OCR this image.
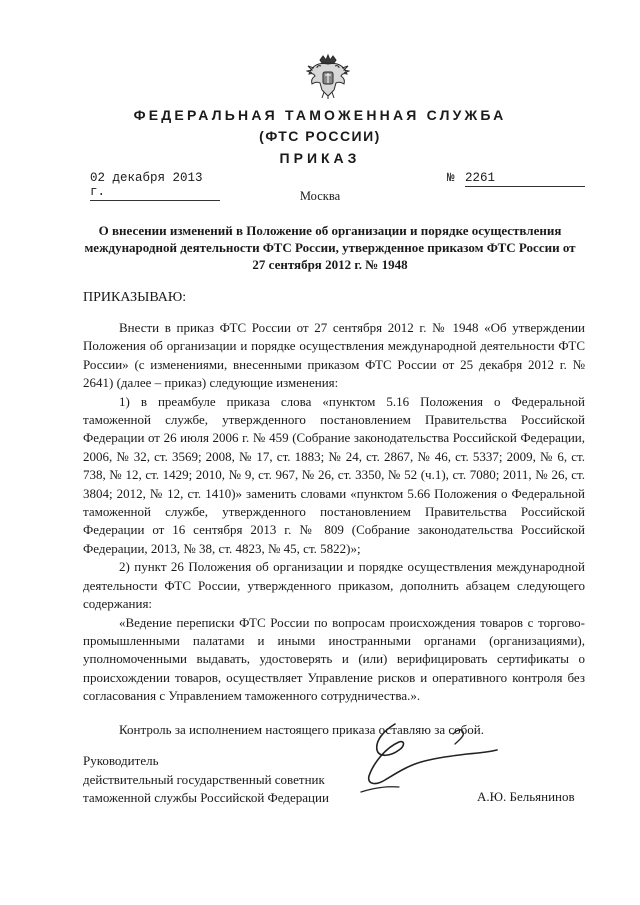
ФЕДЕРАЛЬНАЯ ТАМОЖЕННАЯ СЛУЖБА
(ФТС РОССИИ)
ПРИКАЗ
02 декабря 2013 г.
№ 2261
Москва
О внесении изменений в Положение об организации и порядке осуществления международной деятельности ФТС России, утвержденное приказом ФТС России от 27 сентября 2012 г. № 1948
ПРИКАЗЫВАЮ:

Внести в приказ ФТС России от 27 сентября 2012 г. № 1948 «Об утверждении Положения об организации и порядке осуществления международной деятельности ФТС России» (с изменениями, внесенными приказом ФТС России от 25 декабря 2012 г. № 2641) (далее – приказ) следующие изменения:

1) в преамбуле приказа слова «пунктом 5.16 Положения о Федеральной таможенной службе, утвержденного постановлением Правительства Российской Федерации от 26 июля 2006 г. № 459 (Собрание законодательства Российской Федерации, 2006, № 32, ст. 3569; 2008, № 17, ст. 1883; № 24, ст. 2867, № 46, ст. 5337; 2009, № 6, ст. 738, № 12, ст. 1429; 2010, № 9, ст. 967, № 26, ст. 3350, № 52 (ч.1), ст. 7080; 2011, № 26, ст. 3804; 2012, № 12, ст. 1410)» заменить словами «пунктом 5.66 Положения о Федеральной таможенной службе, утвержденного постановлением Правительства Российской Федерации от 16 сентября 2013 г. № 809 (Собрание законодательства Российской Федерации, 2013, № 38, ст. 4823, № 45, ст. 5822)»;

2) пункт 26 Положения об организации и порядке осуществления международной деятельности ФТС России, утвержденного приказом, дополнить абзацем следующего содержания:

«Ведение переписки ФТС России по вопросам происхождения товаров с торгово-промышленными палатами и иными иностранными органами (организациями), уполномоченными выдавать, удостоверять и (или) верифицировать сертификаты о происхождении товаров, осуществляет Управление рисков и оперативного контроля без согласования с Управлением таможенного сотрудничества.».

Контроль за исполнением настоящего приказа оставляю за собой.
Руководитель
действительный государственный советник
таможенной службы Российской Федерации	А.Ю. Бельянинов
